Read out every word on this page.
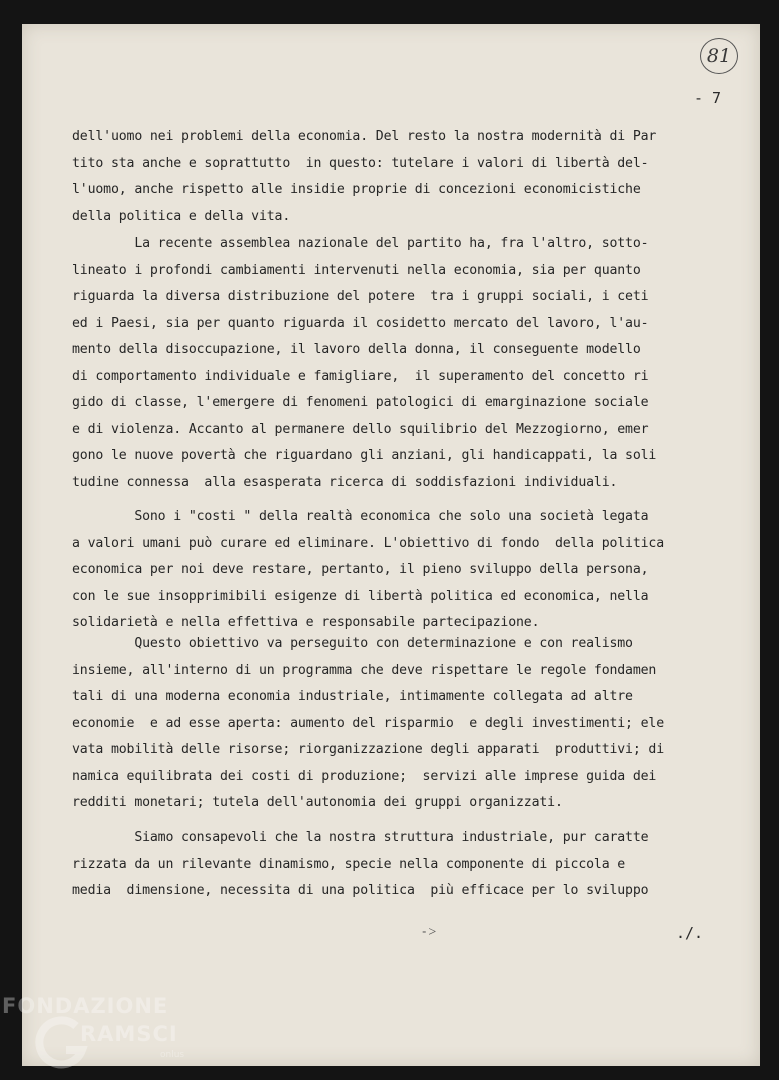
81
- 7
dell'uomo nei problemi della economia. Del resto la nostra modernità di Par
tito sta anche e soprattutto  in questo: tutelare i valori di libertà del-
l'uomo, anche rispetto alle insidie proprie di concezioni economicistiche
della politica e della vita.
La recente assemblea nazionale del partito ha, fra l'altro, sotto-
lineato i profondi cambiamenti intervenuti nella economia, sia per quanto
riguarda la diversa distribuzione del potere  tra i gruppi sociali, i ceti
ed i Paesi, sia per quanto riguarda il cosidetto mercato del lavoro, l'au-
mento della disoccupazione, il lavoro della donna, il conseguente modello
di comportamento individuale e famigliare,  il superamento del concetto ri
gido di classe, l'emergere di fenomeni patologici di emarginazione sociale
e di violenza. Accanto al permanere dello squilibrio del Mezzogiorno, emer
gono le nuove povertà che riguardano gli anziani, gli handicappati, la soli
tudine connessa  alla esasperata ricerca di soddisfazioni individuali.
Sono i "costi " della realtà economica che solo una società legata
a valori umani può curare ed eliminare. L'obiettivo di fondo  della politica
economica per noi deve restare, pertanto, il pieno sviluppo della persona,
con le sue insopprimibili esigenze di libertà politica ed economica, nella
solidarietà e nella effettiva e responsabile partecipazione.
Questo obiettivo va perseguito con determinazione e con realismo
insieme, all'interno di un programma che deve rispettare le regole fondamen
tali di una moderna economia industriale, intimamente collegata ad altre
economie  e ad esse aperta: aumento del risparmio  e degli investimenti; ele
vata mobilità delle risorse; riorganizzazione degli apparati  produttivi; di
namica equilibrata dei costi di produzione;  servizi alle imprese guida dei
redditi monetari; tutela dell'autonomia dei gruppi organizzati.
Siamo consapevoli che la nostra struttura industriale, pur caratte
rizzata da un rilevante dinamismo, specie nella componente di piccola e
media  dimensione, necessita di una politica  più efficace per lo sviluppo
˗˃	./.
FONDAZIONE
RAMSCI
onlus
